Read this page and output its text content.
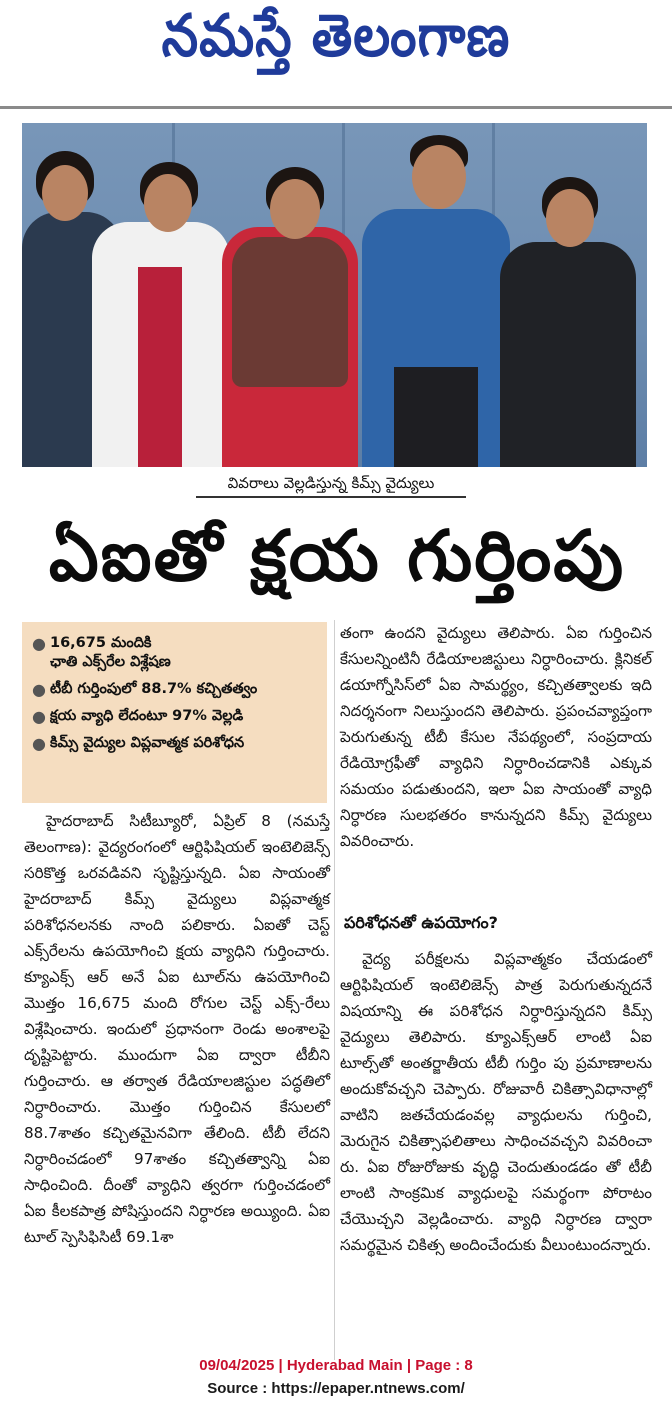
నమస్తే తెలంగాణ
వివరాలు వెల్లడిస్తున్న కిమ్స్ వైద్యులు
ఏఐతో క్షయ గుర్తింపు
● 16,675 మందికి
ఛాతి ఎక్స్‌రేల విశ్లేషణ
● టీబీ గుర్తింపులో 88.7% కచ్చితత్వం
● క్షయ వ్యాధి లేదంటూ 97% వెల్లడి
● కిమ్స్ వైద్యుల విప్లవాత్మక పరిశోధన

హైదరాబాద్ సిటీబ్యూరో, ఏప్రిల్ 8 (నమస్తే తెలంగాణ): వైద్యరంగంలో ఆర్టిఫిషియల్ ఇంటెలిజెన్స్ సరికొత్త ఒరవడివని సృష్టిస్తున్నది. ఏఐ సాయంతో హైదరాబాద్ కిమ్స్ వైద్యులు విప్లవాత్మక పరిశోధనలనకు నాంది పలికారు. ఏఐతో చెస్ట్ ఎక్స్‌రేలను ఉపయోగించి క్షయ వ్యాధిని గుర్తించారు. క్యూఎక్స్ ఆర్ అనే ఏఐ టూల్‌ను ఉపయోగించి మొత్తం 16,675 మంది రోగుల చెస్ట్ ఎక్స్-రేలు విశ్లేషించారు. ఇందులో ప్రధానంగా రెండు అంశాలపై దృష్టిపెట్టారు. ముందుగా ఏఐ ద్వారా టీబీని గుర్తించారు. ఆ తర్వాత రేడియాలజిస్టుల పద్ధతిలో నిర్ధారించారు. మొత్తం గుర్తించిన కేసులలో 88.7శాతం కచ్చితమైనవిగా తేలింది. టీబీ లేదని నిర్ధారించడంలో 97శాతం కచ్చితత్వాన్ని ఏఐ సాధించింది. దీంతో వ్యాధిని త్వరగా గుర్తించడంలో ఏఐ కీలకపాత్ర పోషిస్తుందని నిర్ధారణ అయ్యింది. ఏఐ టూల్ స్పెసిఫిసిటీ 69.1శా

తంగా ఉందని వైద్యులు తెలిపారు. ఏఐ గుర్తించిన కేసులన్నింటినీ రేడియాలజిస్టులు నిర్ధారించారు. క్లినికల్ డయాగ్నోసిస్‌లో ఏఐ సామర్థ్యం, కచ్చితత్వాలకు ఇది నిదర్శనంగా నిలుస్తుందని తెలిపారు. ప్రపంచవ్యాప్తంగా పెరుగుతున్న టీబీ కేసుల నేపథ్యంలో, సంప్రదాయ రేడియోగ్రఫీతో వ్యాధిని నిర్ధారించడానికి ఎక్కువ సమయం పడుతుందని, ఇలా ఏఐ సాయంతో వ్యాధి నిర్ధారణ సులభతరం కానున్నదని కిమ్స్ వైద్యులు వివరించారు.

పరిశోధనతో ఉపయోగం?

వైద్య పరీక్షలను విప్లవాత్మకం చేయడంలో ఆర్టిఫిషియల్ ఇంటెలిజెన్స్ పాత్ర పెరుగుతున్నదనే విషయాన్ని ఈ పరిశోధన నిర్ధారిస్తున్నదని కిమ్స్ వైద్యులు తెలిపారు. క్యూఎక్స్‌ఆర్ లాంటి ఏఐ టూల్స్‌తో అంతర్జాతీయ టీబీ గుర్తిం పు ప్రమాణాలను అందుకోవచ్చని చెప్పారు. రోజువారీ చికిత్సావిధానాల్లో వాటిని జతచేయడంవల్ల వ్యాధులను గుర్తించి, మెరుగైన చికిత్సాఫలితాలు సాధించవచ్చని వివరించా రు. ఏఐ రోజురోజుకు వృద్ధి చెందుతుండడం తో టీబీ లాంటి సాంక్రమిక వ్యాధులపై సమర్థంగా పోరాటం చేయొచ్చని వెల్లడించారు. వ్యాధి నిర్ధారణ ద్వారా సమర్థమైన చికిత్స అందించేందుకు వీలుంటుందన్నారు.

09/04/2025 | Hyderabad Main | Page : 8
Source : https://epaper.ntnews.com/
